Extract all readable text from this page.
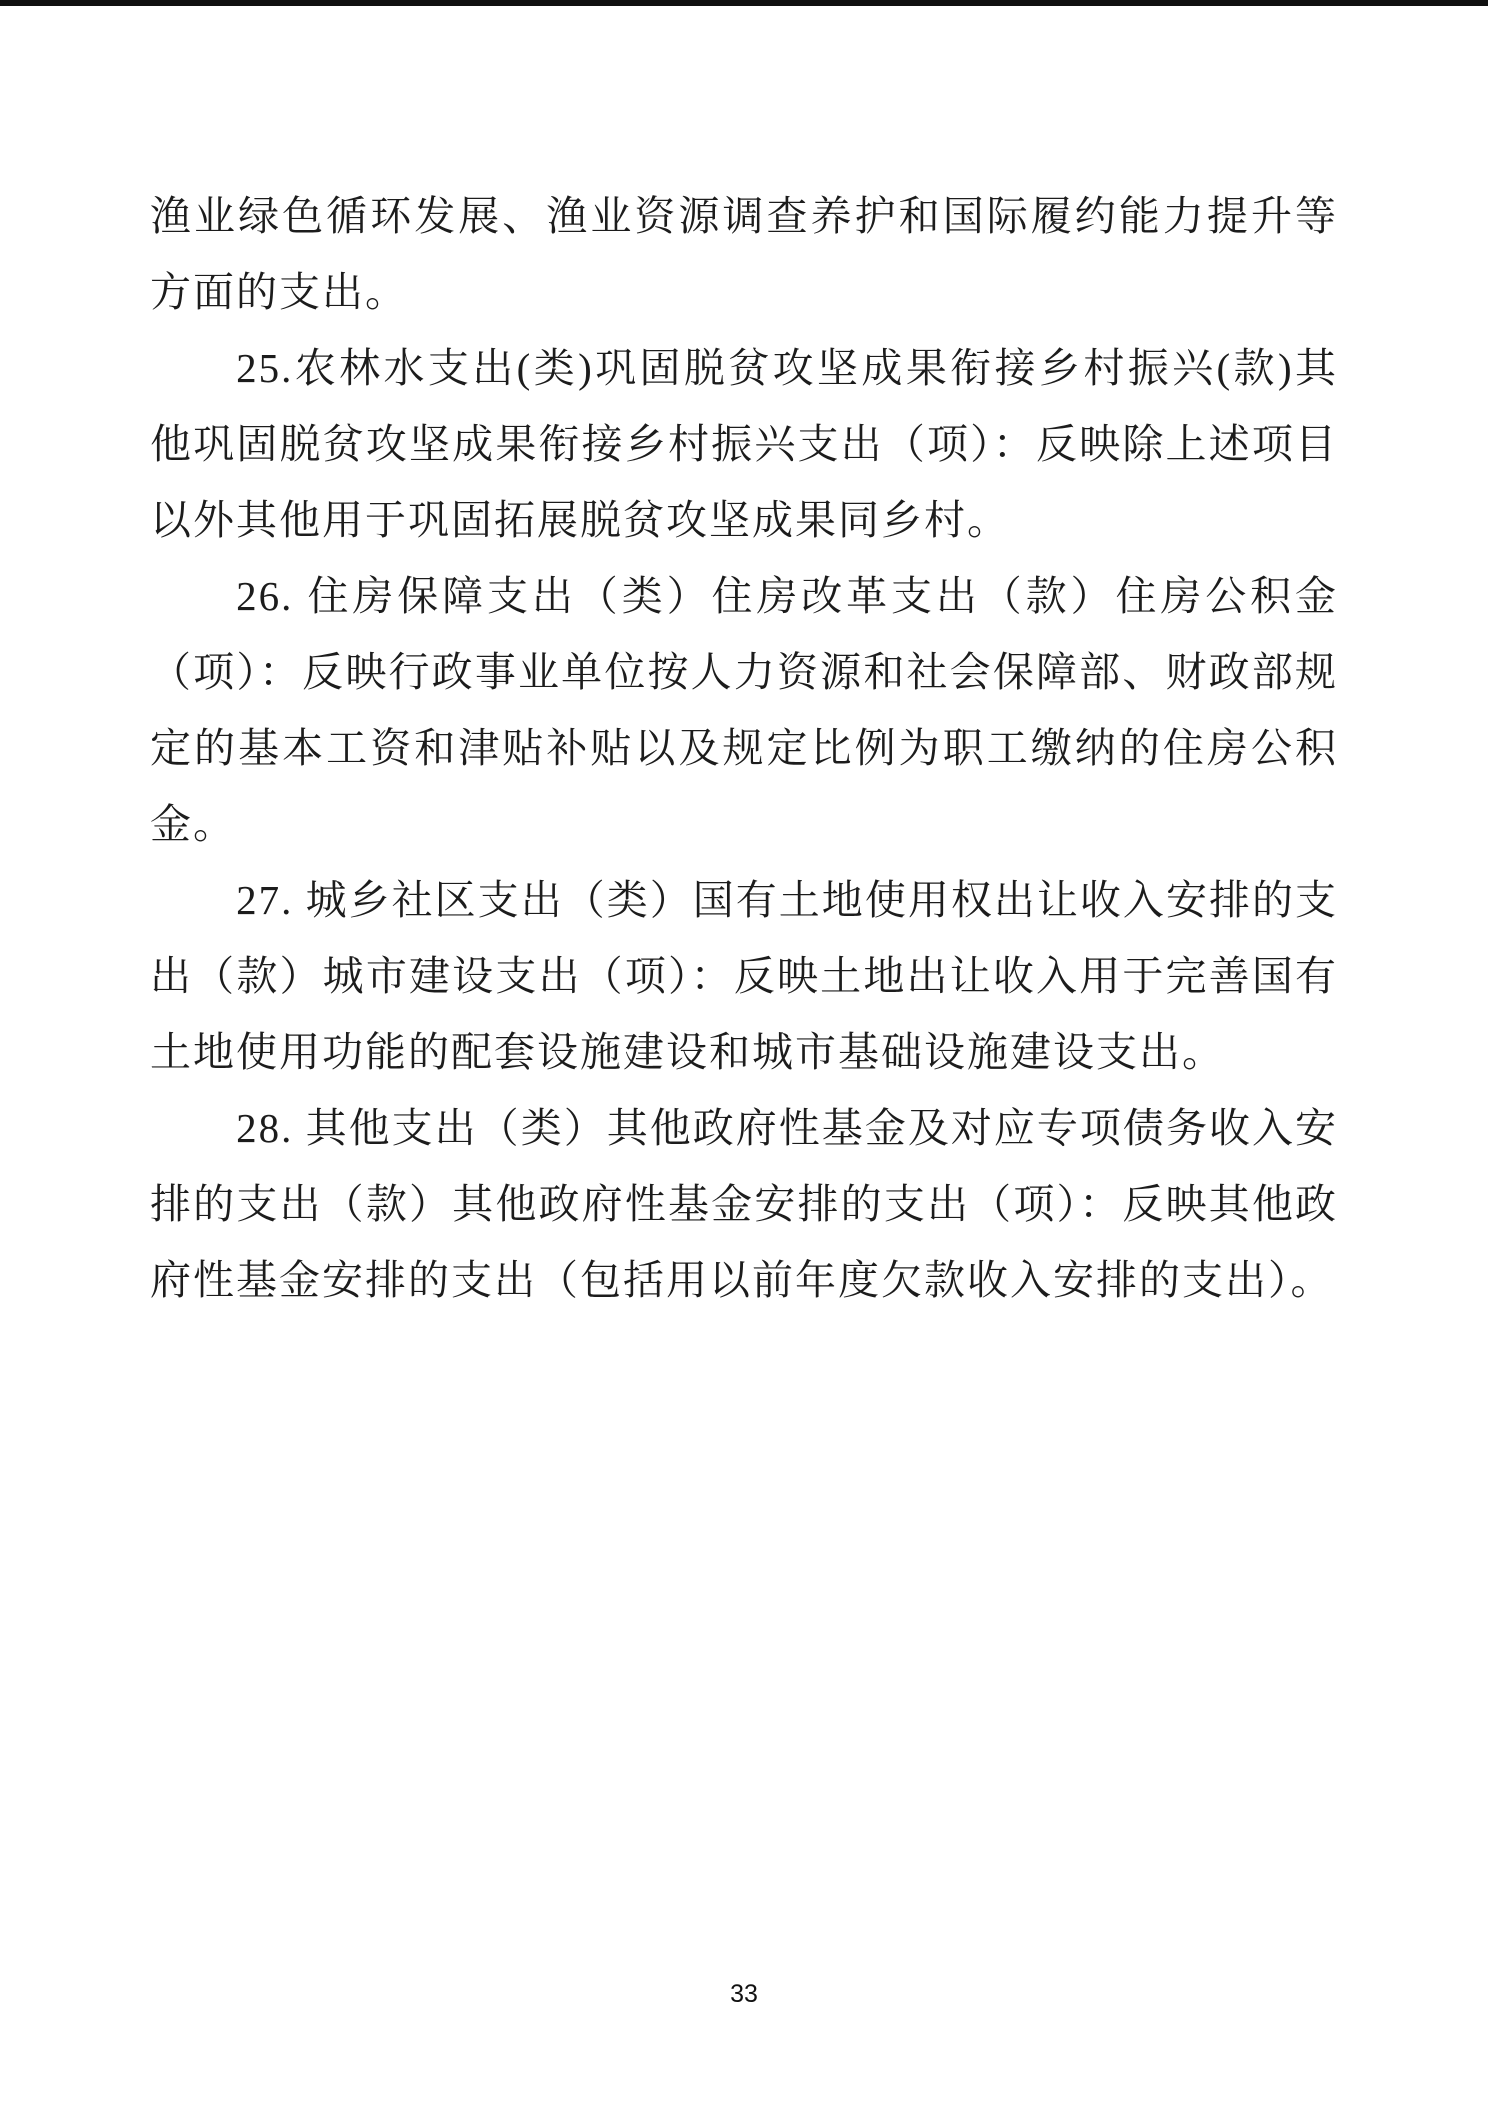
渔业绿色循环发展、渔业资源调查养护和国际履约能力提升等方面的支出。

25.农林水支出(类)巩固脱贫攻坚成果衔接乡村振兴(款)其他巩固脱贫攻坚成果衔接乡村振兴支出（项）：反映除上述项目以外其他用于巩固拓展脱贫攻坚成果同乡村。

26. 住房保障支出（类）住房改革支出（款）住房公积金（项）：反映行政事业单位按人力资源和社会保障部、财政部规定的基本工资和津贴补贴以及规定比例为职工缴纳的住房公积金。

27. 城乡社区支出（类）国有土地使用权出让收入安排的支出（款）城市建设支出（项）：反映土地出让收入用于完善国有土地使用功能的配套设施建设和城市基础设施建设支出。

28. 其他支出（类）其他政府性基金及对应专项债务收入安排的支出（款）其他政府性基金安排的支出（项）：反映其他政府性基金安排的支出（包括用以前年度欠款收入安排的支出）。

33
